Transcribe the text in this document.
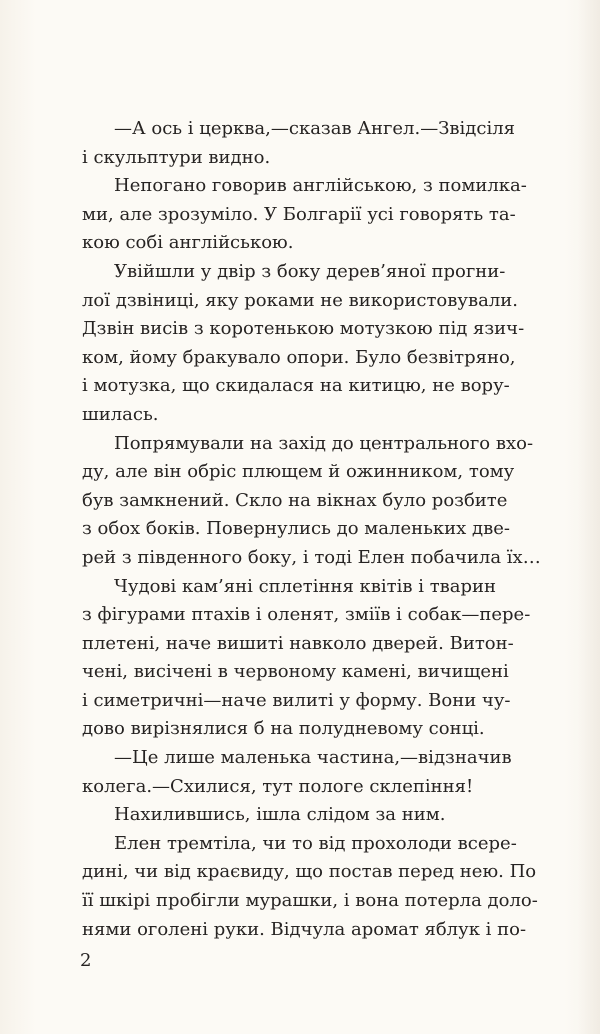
—А ось і церква,—сказав Ангел.—Звідсіля
і скульптури видно.
Непогано говорив англійською, з помилка-
ми, але зрозуміло. У Болгарії усі говорять та-
кою собі англійською.
Увійшли у двір з боку дерев’яної прогни-
лої дзвіниці, яку роками не використовували.
Дзвін висів з коротенькою мотузкою під язич-
ком, йому бракувало опори. Було безвітряно,
і мотузка, що скидалася на китицю, не вору-
шилась.
Попрямували на захід до центрального вхо-
ду, але він обріс плющем й ожинником, тому
був замкнений. Скло на вікнах було розбите
з обох боків. Повернулись до маленьких две-
рей з південного боку, і тоді Елен побачила їх…
Чудові кам’яні сплетіння квітів і тварин
з фігурами птахів і оленят, зміїв і собак—пере-
плетені, наче вишиті навколо дверей. Витон-
чені, висічені в червоному камені, вичищені
і симетричні—наче вилиті у форму. Вони чу-
дово вирізнялися б на полудневому сонці.
—Це лише маленька частина,—відзначив
колега.—Схилися, тут пологе склепіння!
Нахилившись, ішла слідом за ним.
Елен тремтіла, чи то від прохолоди всере-
дині, чи від краєвиду, що постав перед нею. По
її шкірі пробігли мурашки, і вона потерла доло-
нями оголені руки. Відчула аромат яблук і по-
2
